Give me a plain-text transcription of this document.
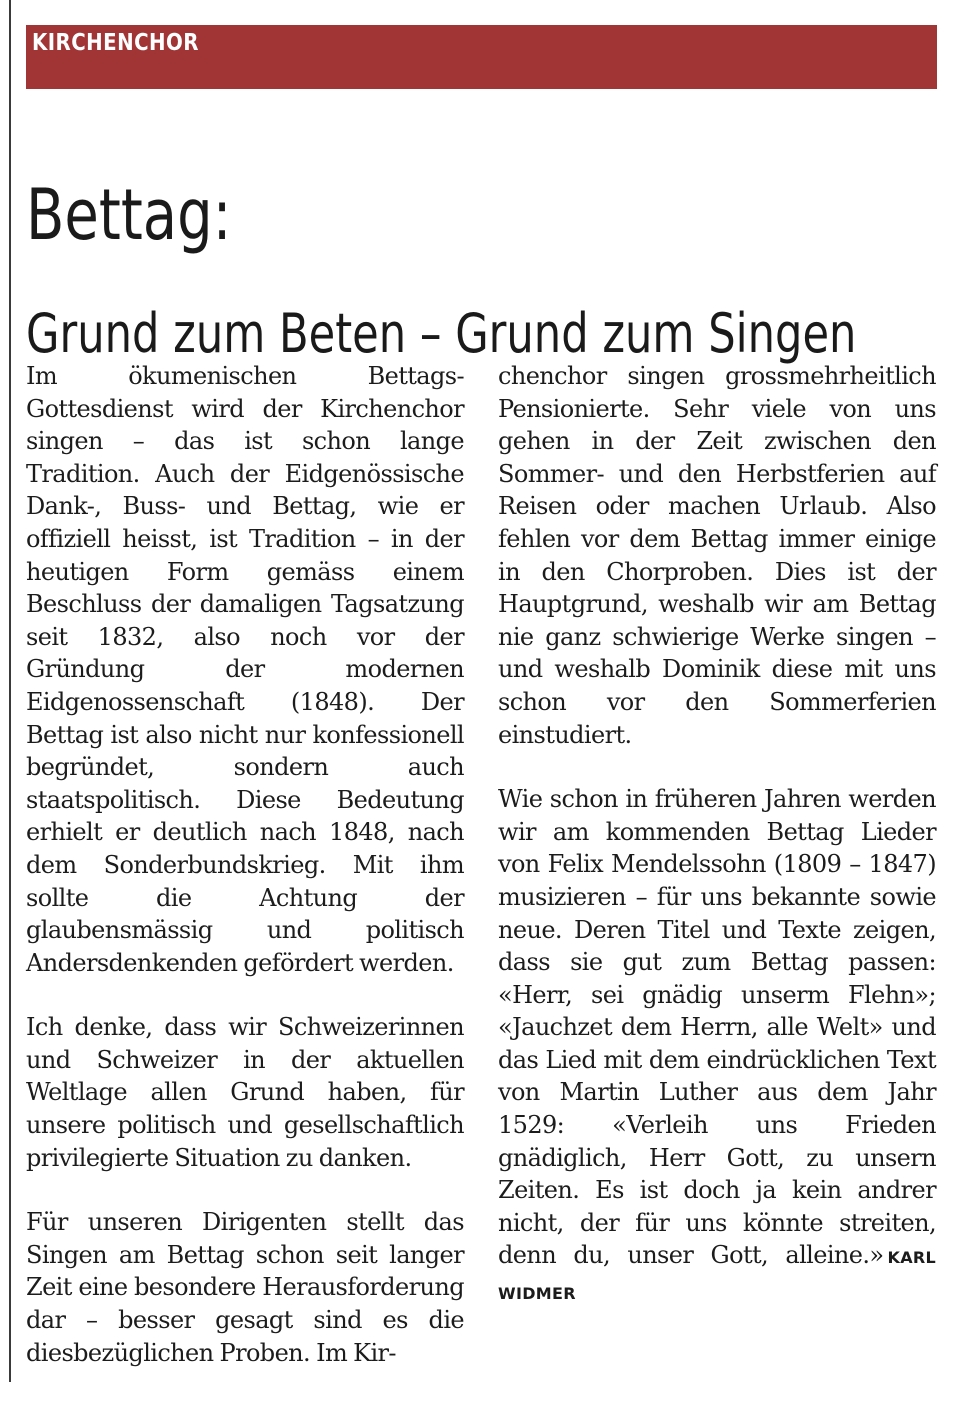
KIRCHENCHOR
Bettag:
Grund zum Beten – Grund zum Singen

Im ökumenischen Bettags-Gottesdienst wird der Kirchenchor singen – das ist schon lange Tradition. Auch der Eidgenössische Dank-, Buss- und Bettag, wie er offiziell heisst, ist Tradition – in der heutigen Form gemäss einem Beschluss der damaligen Tagsatzung seit 1832, also noch vor der Gründung der modernen Eidgenossenschaft (1848). Der Bettag ist also nicht nur konfessionell begründet, sondern auch staatspolitisch. Diese Bedeutung erhielt er deutlich nach 1848, nach dem Sonderbundskrieg. Mit ihm sollte die Achtung der glaubensmässig und politisch Andersdenkenden gefördert werden.

Ich denke, dass wir Schweizerinnen und Schweizer in der aktuellen Weltlage allen Grund haben, für unsere politisch und gesellschaftlich privilegierte Situation zu danken.

Für unseren Dirigenten stellt das Singen am Bettag schon seit langer Zeit eine besondere Herausforderung dar – besser gesagt sind es die diesbezüglichen Proben. Im Kir-

chenchor singen grossmehrheitlich Pensionierte. Sehr viele von uns gehen in der Zeit zwischen den Sommer- und den Herbstferien auf Reisen oder machen Urlaub. Also fehlen vor dem Bettag immer einige in den Chorproben. Dies ist der Hauptgrund, weshalb wir am Bettag nie ganz schwierige Werke singen – und weshalb Dominik diese mit uns schon vor den Sommerferien einstudiert.

Wie schon in früheren Jahren werden wir am kommenden Bettag Lieder von Felix Mendelssohn (1809 – 1847) musizieren – für uns bekannte sowie neue. Deren Titel und Texte zeigen, dass sie gut zum Bettag passen: «Herr, sei gnädig unserm Flehn»; «Jauchzet dem Herrn, alle Welt» und das Lied mit dem eindrücklichen Text von Martin Luther aus dem Jahr 1529: «Verleih uns Frieden gnädiglich, Herr Gott, zu unsern Zeiten. Es ist doch ja kein andrer nicht, der für uns könnte streiten, denn du, unser Gott, alleine.» KARL WIDMER
